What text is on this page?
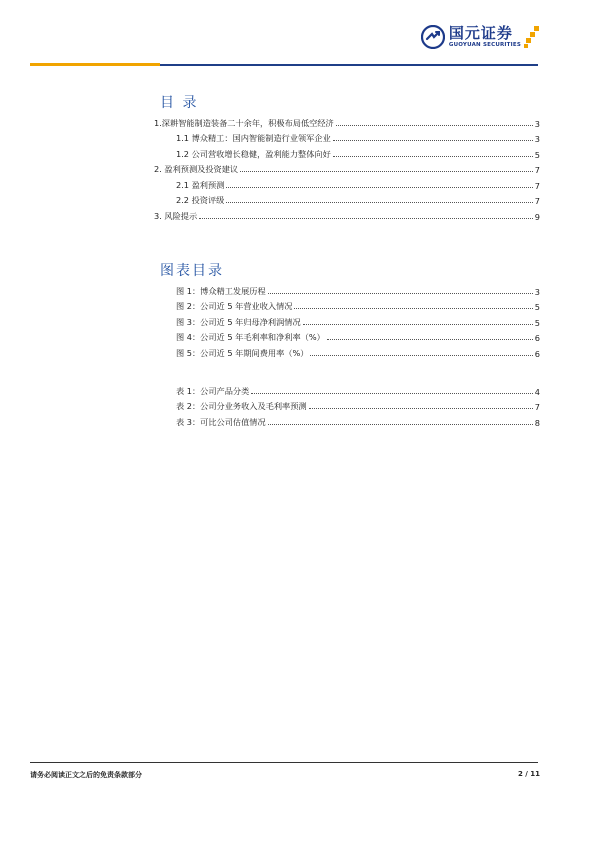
国元证券
GUOYUAN SECURITIES
目 录
1.深耕智能制造装备二十余年，积极布局低空经济	3
1.1 博众精工：国内智能制造行业领军企业	3
1.2 公司营收增长稳健，盈利能力整体向好	5
2. 盈利预测及投资建议	7
2.1 盈利预测	7
2.2 投资评级	7
3. 风险提示	9
图表目录
图 1：博众精工发展历程	3
图 2：公司近 5 年营业收入情况	5
图 3：公司近 5 年归母净利润情况	5
图 4：公司近 5 年毛利率和净利率（%）	6
图 5：公司近 5 年期间费用率（%）	6
表 1：公司产品分类	4
表 2：公司分业务收入及毛利率预测	7
表 3：可比公司估值情况	8
请务必阅读正文之后的免责条款部分	2 / 11
